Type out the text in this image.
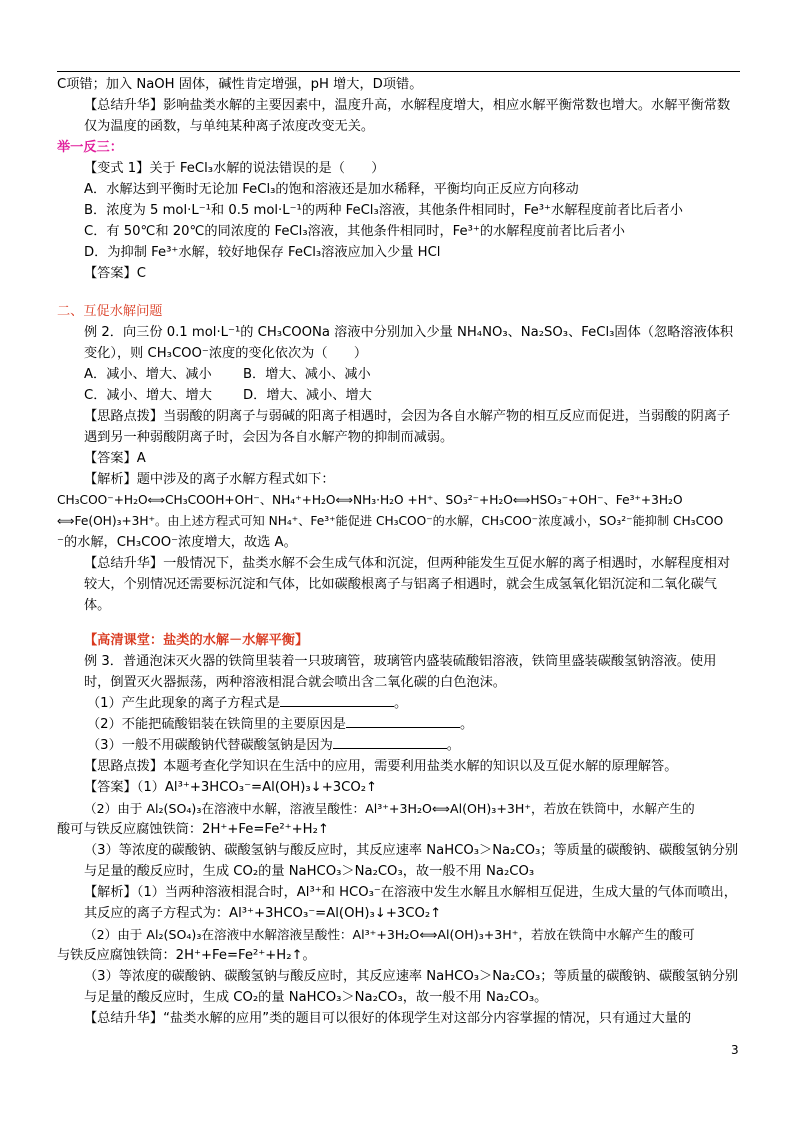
C项错；加入 NaOH 固体，碱性肯定增强，pH 增大，D项错。

【总结升华】影响盐类水解的主要因素中，温度升高，水解程度增大，相应水解平衡常数也增大。水解平衡常数仅为温度的函数，与单纯某种离子浓度改变无关。

举一反三：

【变式 1】关于 FeCl₃水解的说法错误的是（　　）

A．水解达到平衡时无论加 FeCl₃的饱和溶液还是加水稀释，平衡均向正反应方向移动

B．浓度为 5 mol·L⁻¹和 0.5 mol·L⁻¹的两种 FeCl₃溶液，其他条件相同时，Fe³⁺水解程度前者比后者小

C．有 50℃和 20℃的同浓度的 FeCl₃溶液，其他条件相同时，Fe³⁺的水解程度前者比后者小

D．为抑制 Fe³⁺水解，较好地保存 FeCl₃溶液应加入少量 HCl

【答案】C

二、互促水解问题

例 2．向三份 0.1 mol·L⁻¹的 CH₃COONa 溶液中分别加入少量 NH₄NO₃、Na₂SO₃、FeCl₃固体（忽略溶液体积变化），则 CH₃COO⁻浓度的变化依次为（　　）

A．减小、增大、减小 B．增大、减小、减小

C．减小、增大、增大 D．增大、减小、增大

【思路点拨】当弱酸的阴离子与弱碱的阳离子相遇时，会因为各自水解产物的相互反应而促进，当弱酸的阴离子遇到另一种弱酸阴离子时，会因为各自水解产物的抑制而减弱。

【答案】A

【解析】题中涉及的离子水解方程式如下：

CH₃COO⁻+H₂O⟺CH₃COOH+OH⁻、NH₄⁺+H₂O⟺NH₃·H₂O +H⁺、SO₃²⁻+H₂O⟺HSO₃⁻+OH⁻、Fe³⁺+3H₂O

⟺Fe(OH)₃+3H⁺。由上述方程式可知 NH₄⁺、Fe³⁺能促进 CH₃COO⁻的水解，CH₃COO⁻浓度减小，SO₃²⁻能抑制 CH₃COO

⁻的水解，CH₃COO⁻浓度增大，故选 A。

【总结升华】一般情况下，盐类水解不会生成气体和沉淀，但两种能发生互促水解的离子相遇时，水解程度相对较大，个别情况还需要标沉淀和气体，比如碳酸根离子与铝离子相遇时，就会生成氢氧化铝沉淀和二氧化碳气体。

【高清课堂：盐类的水解－水解平衡】

例 3．普通泡沫灭火器的铁筒里装着一只玻璃管，玻璃管内盛装硫酸铝溶液，铁筒里盛装碳酸氢钠溶液。使用时，倒置灭火器振荡，两种溶液相混合就会喷出含二氧化碳的白色泡沫。

（1）产生此现象的离子方程式是	。

（2）不能把硫酸铝装在铁筒里的主要原因是	。

（3）一般不用碳酸钠代替碳酸氢钠是因为	。

【思路点拨】本题考查化学知识在生活中的应用，需要利用盐类水解的知识以及互促水解的原理解答。

【答案】（1）Al³⁺+3HCO₃⁻=Al(OH)₃↓+3CO₂↑

（2）由于 Al₂(SO₄)₃在溶液中水解，溶液呈酸性：Al³⁺+3H₂O⟺Al(OH)₃+3H⁺，若放在铁筒中，水解产生的

酸可与铁反应腐蚀铁筒：2H⁺+Fe=Fe²⁺+H₂↑

（3）等浓度的碳酸钠、碳酸氢钠与酸反应时，其反应速率 NaHCO₃＞Na₂CO₃；等质量的碳酸钠、碳酸氢钠分别与足量的酸反应时，生成 CO₂的量 NaHCO₃＞Na₂CO₃，故一般不用 Na₂CO₃

【解析】（1）当两种溶液相混合时，Al³⁺和 HCO₃⁻在溶液中发生水解且水解相互促进，生成大量的气体而喷出，其反应的离子方程式为：Al³⁺+3HCO₃⁻=Al(OH)₃↓+3CO₂↑

（2）由于 Al₂(SO₄)₃在溶液中水解溶液呈酸性：Al³⁺+3H₂O⟺Al(OH)₃+3H⁺，若放在铁筒中水解产生的酸可

与铁反应腐蚀铁筒：2H⁺+Fe=Fe²⁺+H₂↑。

（3）等浓度的碳酸钠、碳酸氢钠与酸反应时，其反应速率 NaHCO₃＞Na₂CO₃；等质量的碳酸钠、碳酸氢钠分别与足量的酸反应时，生成 CO₂的量 NaHCO₃＞Na₂CO₃，故一般不用 Na₂CO₃。

【总结升华】“盐类水解的应用”类的题目可以很好的体现学生对这部分内容掌握的情况，只有通过大量的

3
